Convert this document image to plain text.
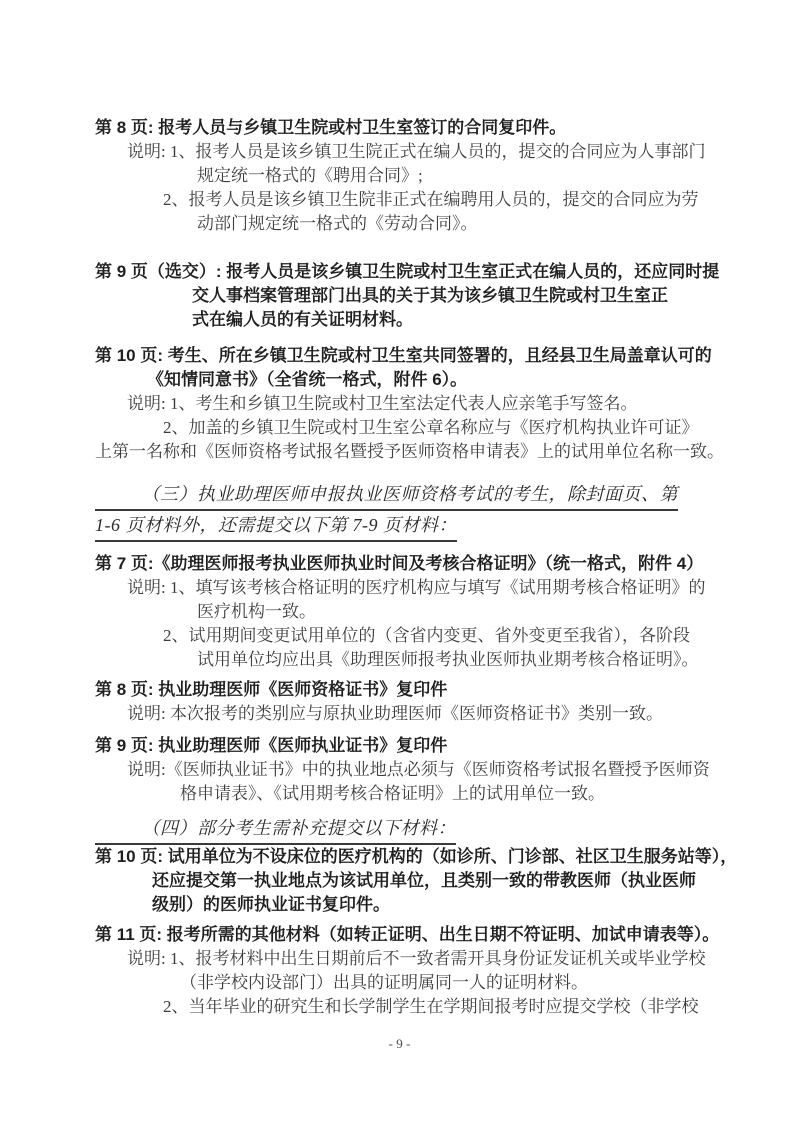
第 8 页: 报考人员与乡镇卫生院或村卫生室签订的合同复印件。
说明: 1、报考人员是该乡镇卫生院正式在编人员的，提交的合同应为人事部门
规定统一格式的《聘用合同》;
2、报考人员是该乡镇卫生院非正式在编聘用人员的，提交的合同应为劳
动部门规定统一格式的《劳动合同》。
第 9 页（选交）: 报考人员是该乡镇卫生院或村卫生室正式在编人员的，还应同时提
交人事档案管理部门出具的关于其为该乡镇卫生院或村卫生室正
式在编人员的有关证明材料。
第 10 页: 考生、所在乡镇卫生院或村卫生室共同签署的，且经县卫生局盖章认可的
《知情同意书》（全省统一格式，附件 6）。
说明: 1、考生和乡镇卫生院或村卫生室法定代表人应亲笔手写签名。
2、加盖的乡镇卫生院或村卫生室公章名称应与《医疗机构执业许可证》
上第一名称和《医师资格考试报名暨授予医师资格申请表》上的试用单位名称一致。
　　　（三）执业助理医师申报执业医师资格考试的考生，除封面页、第
1-6 页材料外，还需提交以下第 7-9 页材料：
第 7 页:《助理医师报考执业医师执业时间及考核合格证明》（统一格式，附件 4）
说明: 1、填写该考核合格证明的医疗机构应与填写《试用期考核合格证明》的
医疗机构一致。
2、试用期间变更试用单位的（含省内变更、省外变更至我省），各阶段
试用单位均应出具《助理医师报考执业医师执业期考核合格证明》。
第 8 页: 执业助理医师《医师资格证书》复印件
说明: 本次报考的类别应与原执业助理医师《医师资格证书》类别一致。
第 9 页: 执业助理医师《医师执业证书》复印件
说明:《医师执业证书》中的执业地点必须与《医师资格考试报名暨授予医师资
格申请表》、《试用期考核合格证明》上的试用单位一致。
　　　（四）部分考生需补充提交以下材料：
第 10 页: 试用单位为不设床位的医疗机构的（如诊所、门诊部、社区卫生服务站等），
还应提交第一执业地点为该试用单位，且类别一致的带教医师（执业医师
级别）的医师执业证书复印件。
第 11 页: 报考所需的其他材料（如转正证明、出生日期不符证明、加试申请表等）。
说明: 1、报考材料中出生日期前后不一致者需开具身份证发证机关或毕业学校
（非学校内设部门）出具的证明属同一人的证明材料。
2、当年毕业的研究生和长学制学生在学期间报考时应提交学校（非学校
- 9 -
